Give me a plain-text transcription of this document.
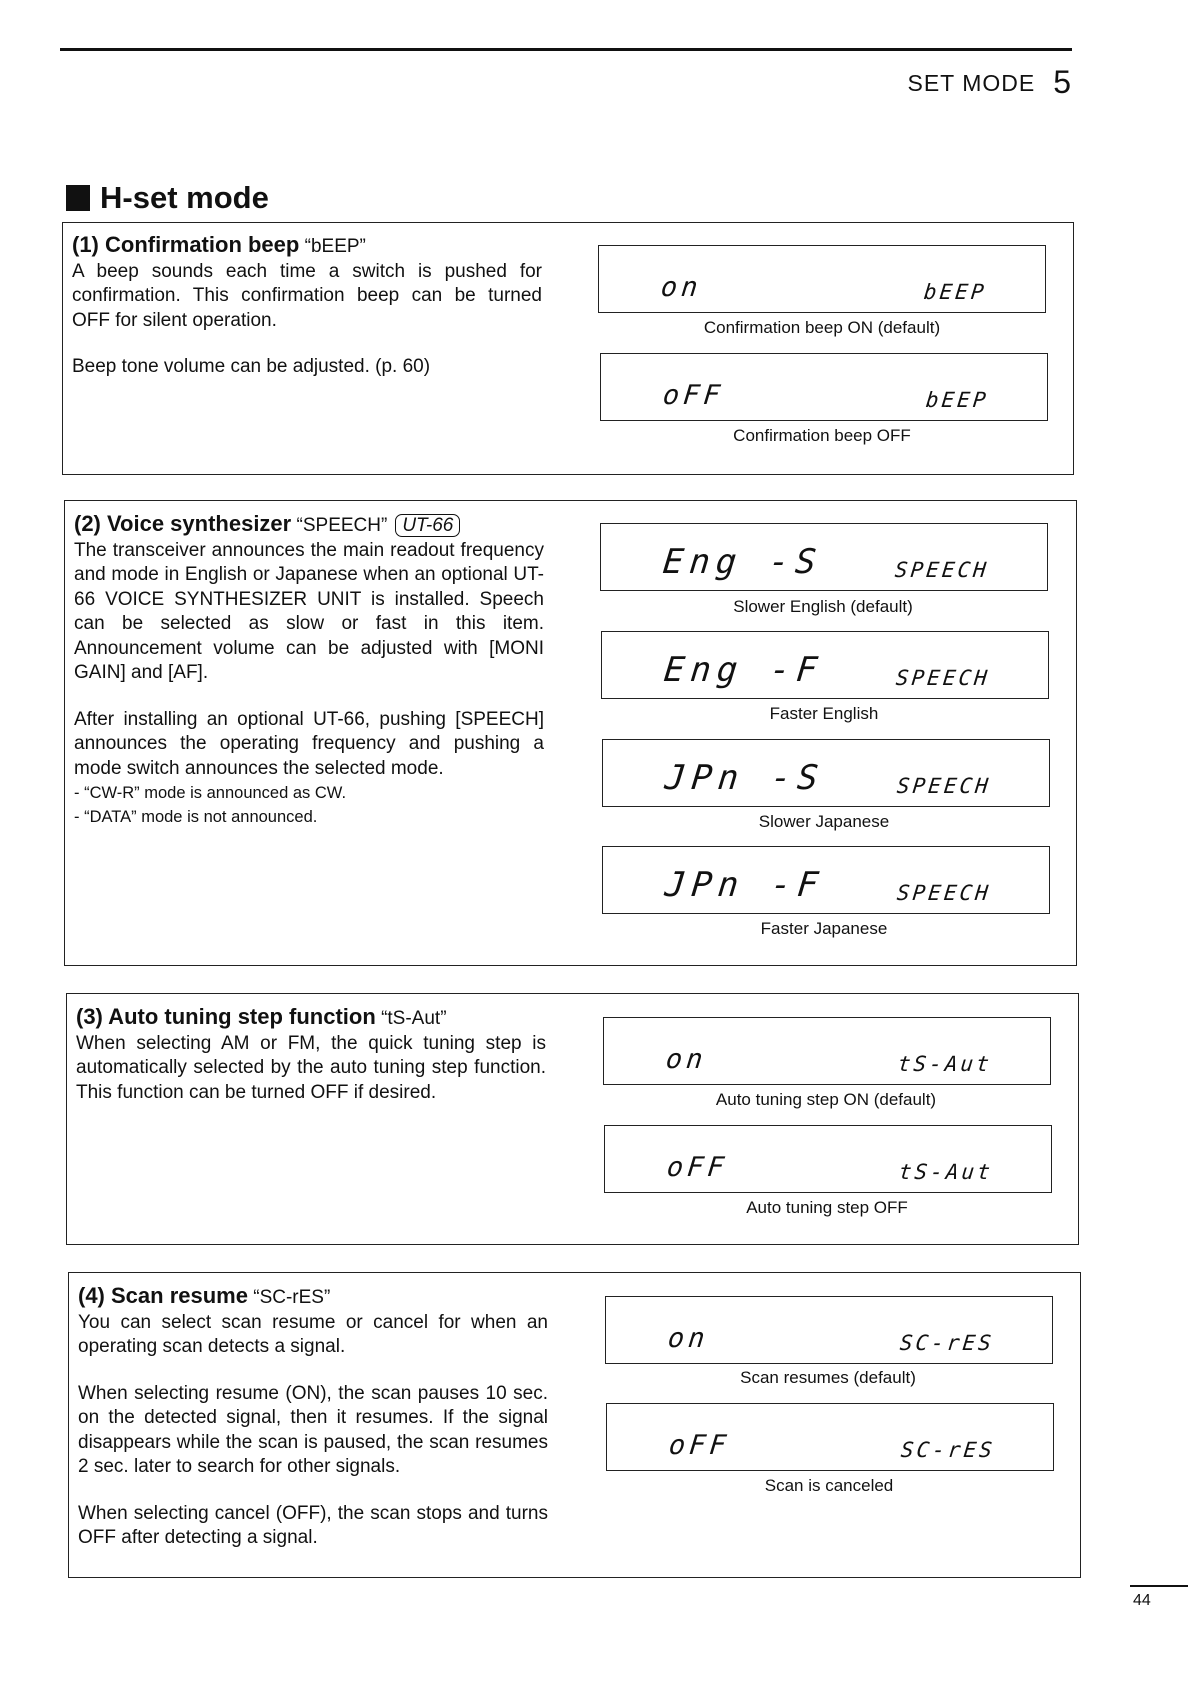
SET MODE 5
H-set mode

(1) Confirmation beep “bEEP”

A beep sounds each time a switch is pushed for confirmation. This confirmation beep can be turned OFF for silent operation.

Beep tone volume can be adjusted. (p. 60)

on	bEEP
Confirmation beep ON (default)
oFF	bEEP
Confirmation beep OFF

(2) Voice synthesizer “SPEECH” UT-66

The transceiver announces the main readout frequency and mode in English or Japanese when an optional UT-66 VOICE SYNTHESIZER UNIT is installed. Speech can be selected as slow or fast in this item. Announcement volume can be adjusted with [MONI GAIN] and [AF].

After installing an optional UT-66, pushing [SPEECH] announces the operating frequency and pushing a mode switch announces the selected mode.

- “CW-R” mode is announced as CW.

- “DATA” mode is not announced.

Eng -S	SPEECH
Slower English (default)
Eng -F	SPEECH
Faster English
JPn -S	SPEECH
Slower Japanese
JPn -F	SPEECH
Faster Japanese

(3) Auto tuning step function “tS-Aut”

When selecting AM or FM, the quick tuning step is automatically selected by the auto tuning step function. This function can be turned OFF if desired.

on	tS-Aut
Auto tuning step ON (default)
oFF	tS-Aut
Auto tuning step OFF

(4) Scan resume “SC-rES”

You can select scan resume or cancel for when an operating scan detects a signal.

When selecting resume (ON), the scan pauses 10 sec. on the detected signal, then it resumes. If the signal disappears while the scan is paused, the scan resumes 2 sec. later to search for other signals.

When selecting cancel (OFF), the scan stops and turns OFF after detecting a signal.

on	SC-rES
Scan resumes (default)
oFF	SC-rES
Scan is canceled
44
